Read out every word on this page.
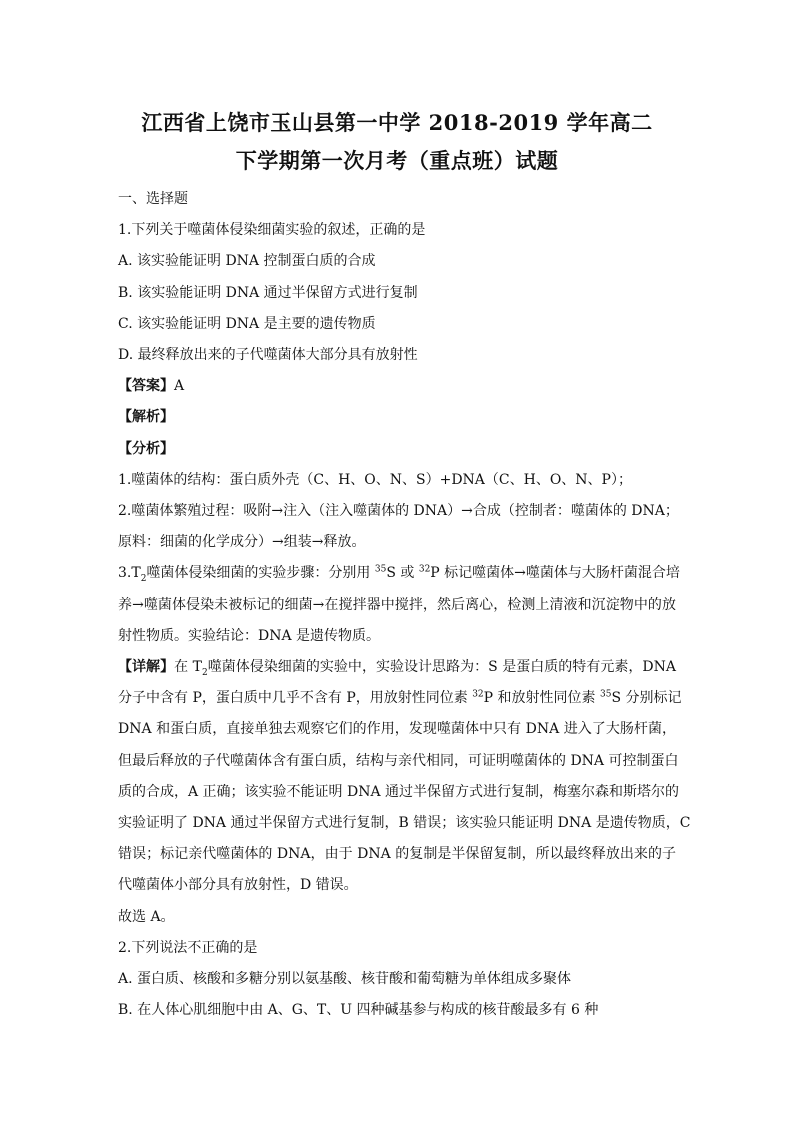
江西省上饶市玉山县第一中学 2018-2019 学年高二
下学期第一次月考（重点班）试题

一、选择题

1.下列关于噬菌体侵染细菌实验的叙述，正确的是

A. 该实验能证明 DNA 控制蛋白质的合成

B. 该实验能证明 DNA 通过半保留方式进行复制

C. 该实验能证明 DNA 是主要的遗传物质

D. 最终释放出来的子代噬菌体大部分具有放射性

【答案】A

【解析】

【分析】

1.噬菌体的结构：蛋白质外壳（C、H、O、N、S）+DNA（C、H、O、N、P）；

2.噬菌体繁殖过程：吸附→注入（注入噬菌体的 DNA）→合成（控制者：噬菌体的 DNA；

原料：细菌的化学成分）→组装→释放。

$3.T_2$噬菌体侵染细菌的实验步骤：分别用 $^{35}$S 或 $^{32}$P 标记噬菌体→噬菌体与大肠杆菌混合培

养→噬菌体侵染未被标记的细菌→在搅拌器中搅拌，然后离心，检测上清液和沉淀物中的放

射性物质。实验结论：DNA 是遗传物质。

【详解】在 $T_2$噬菌体侵染细菌的实验中，实验设计思路为：S 是蛋白质的特有元素，DNA

分子中含有 P，蛋白质中几乎不含有 P，用放射性同位素 $^{32}$P 和放射性同位素 $^{35}$S 分别标记

DNA 和蛋白质，直接单独去观察它们的作用，发现噬菌体中只有 DNA 进入了大肠杆菌，

但最后释放的子代噬菌体含有蛋白质，结构与亲代相同，可证明噬菌体的 DNA 可控制蛋白

质的合成，A 正确；该实验不能证明 DNA 通过半保留方式进行复制，梅塞尔森和斯塔尔的

实验证明了 DNA 通过半保留方式进行复制，B 错误；该实验只能证明 DNA 是遗传物质，C

错误；标记亲代噬菌体的 DNA，由于 DNA 的复制是半保留复制，所以最终释放出来的子

代噬菌体小部分具有放射性，D 错误。

故选 A。

2.下列说法不正确的是

A. 蛋白质、核酸和多糖分别以氨基酸、核苷酸和葡萄糖为单体组成多聚体

B. 在人体心肌细胞中由 A、G、T、U 四种碱基参与构成的核苷酸最多有 6 种
